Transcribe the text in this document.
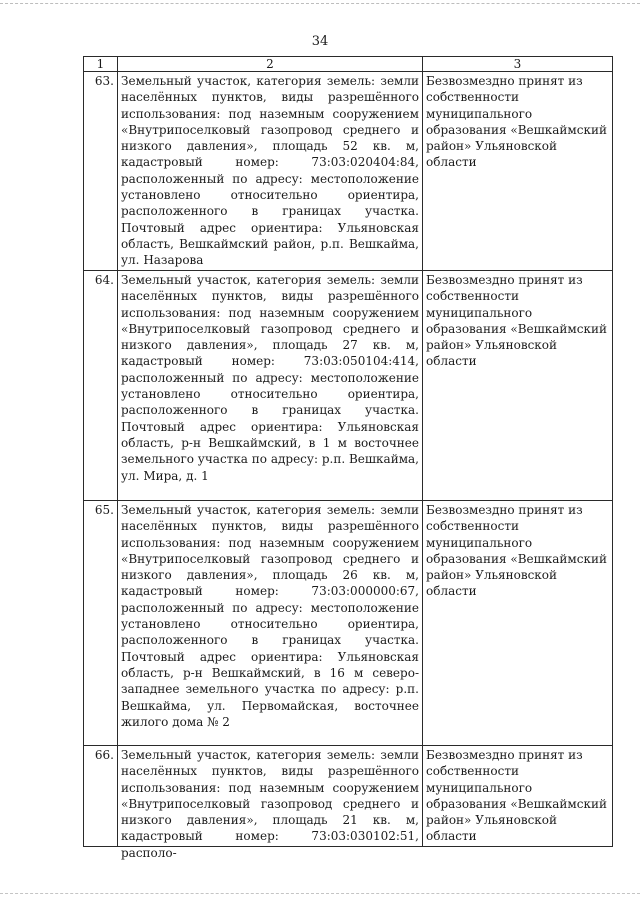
34
1	2	3
63.	Земельный участок, категория земель: земли населённых пунктов, виды разрешённого использования: под наземным сооружением «Внутрипоселковый газопровод среднего и низкого давления», площадь 52 кв. м, кадастровый номер: 73:03:020404:84, расположенный по адресу: местоположение установлено относительно ориентира, расположенного в границах участка. Почтовый адрес ориентира: Ульяновская область, Вешкаймский район, р.п. Вешкайма, ул. Назарова	Безвозмездно принят из собственности муниципального образования «Вешкаймский район» Ульяновской области
64.	Земельный участок, категория земель: земли населённых пунктов, виды разрешённого использования: под наземным сооружением «Внутрипоселковый газопровод среднего и низкого давления», площадь 27 кв. м, кадастровый номер: 73:03:050104:414, расположенный по адресу: местоположение установлено относительно ориентира, расположенного в границах участка. Почтовый адрес ориентира: Ульяновская область, р-н Вешкаймский, в 1 м восточнее земельного участка по адресу: р.п. Вешкайма, ул. Мира, д. 1	Безвозмездно принят из собственности муниципального образования «Вешкаймский район» Ульяновской области
65.	Земельный участок, категория земель: земли населённых пунктов, виды разрешённого использования: под наземным сооружением «Внутрипоселковый газопровод среднего и низкого давления», площадь 26 кв. м, кадастровый номер: 73:03:000000:67, расположенный по адресу: местоположение установлено относительно ориентира, расположенного в границах участка. Почтовый адрес ориентира: Ульяновская область, р-н Вешкаймский, в 16 м северо-западнее земельного участка по адресу: р.п. Вешкайма, ул. Первомайская, восточнее жилого дома № 2	Безвозмездно принят из собственности муниципального образования «Вешкаймский район» Ульяновской области
66.	Земельный участок, категория земель: земли населённых пунктов, виды разрешённого использования: под наземным сооружением «Внутрипоселковый газопровод среднего и низкого давления», площадь 21 кв. м, кадастровый номер: 73:03:030102:51, располо-	Безвозмездно принят из собственности муниципального образования «Вешкаймский район» Ульяновской области
